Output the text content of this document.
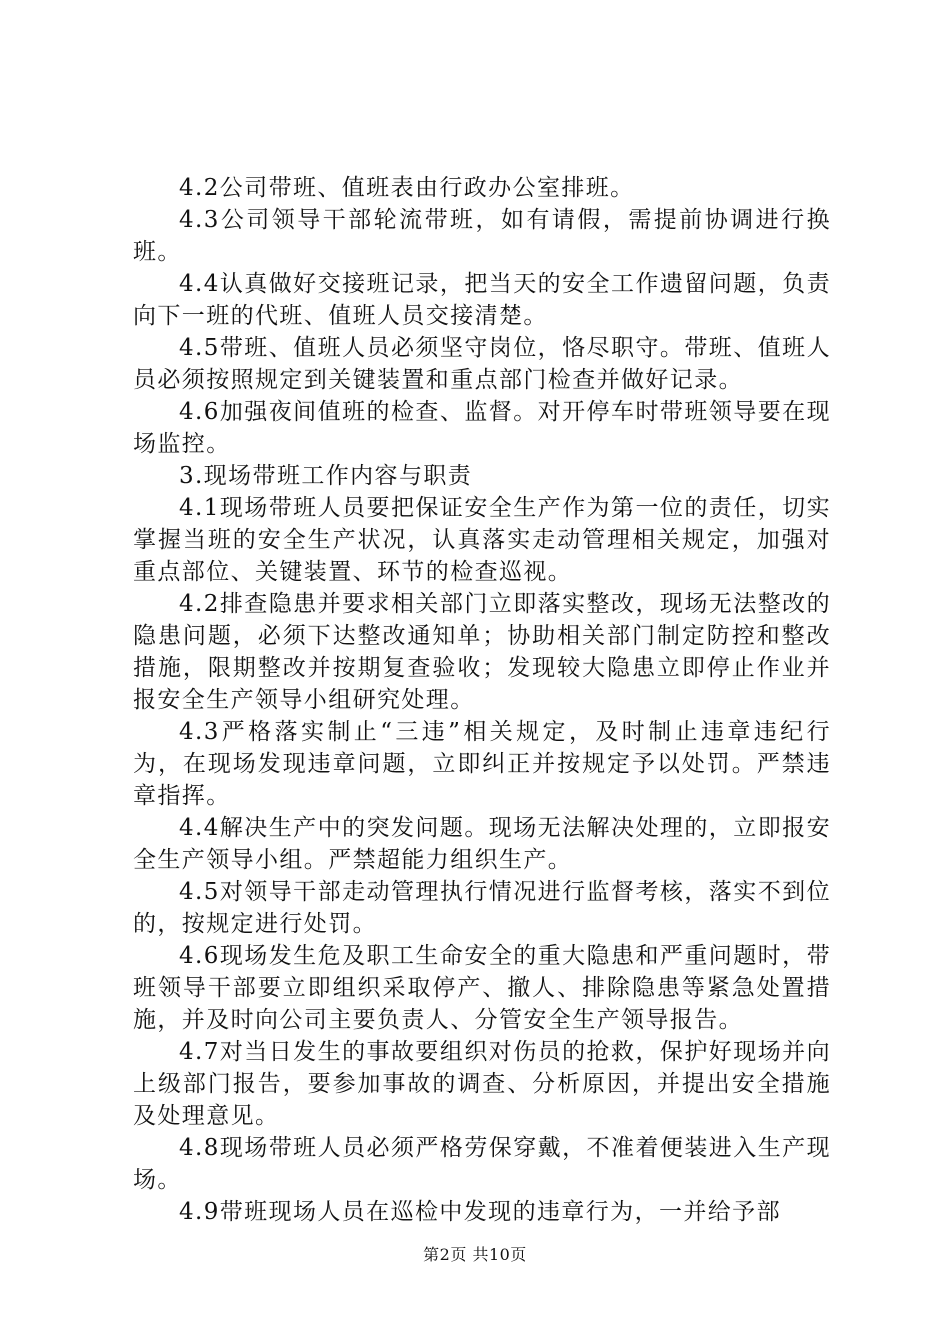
4.2公司带班、值班表由行政办公室排班。

4.3公司领导干部轮流带班，如有请假，需提前协调进行换班。

4.4认真做好交接班记录，把当天的安全工作遗留问题，负责向下一班的代班、值班人员交接清楚。

4.5带班、值班人员必须坚守岗位，恪尽职守。带班、值班人员必须按照规定到关键装置和重点部门检查并做好记录。

4.6加强夜间值班的检查、监督。对开停车时带班领导要在现场监控。

3.现场带班工作内容与职责

4.1现场带班人员要把保证安全生产作为第一位的责任，切实掌握当班的安全生产状况，认真落实走动管理相关规定，加强对重点部位、关键装置、环节的检查巡视。

4.2排查隐患并要求相关部门立即落实整改，现场无法整改的隐患问题，必须下达整改通知单；协助相关部门制定防控和整改措施，限期整改并按期复查验收；发现较大隐患立即停止作业并报安全生产领导小组研究处理。

4.3严格落实制止“三违”相关规定，及时制止违章违纪行为，在现场发现违章问题，立即纠正并按规定予以处罚。严禁违章指挥。

4.4解决生产中的突发问题。现场无法解决处理的，立即报安全生产领导小组。严禁超能力组织生产。

4.5对领导干部走动管理执行情况进行监督考核，落实不到位的，按规定进行处罚。

4.6现场发生危及职工生命安全的重大隐患和严重问题时，带班领导干部要立即组织采取停产、撤人、排除隐患等紧急处置措施，并及时向公司主要负责人、分管安全生产领导报告。

4.7对当日发生的事故要组织对伤员的抢救，保护好现场并向上级部门报告，要参加事故的调查、分析原因，并提出安全措施及处理意见。

4.8现场带班人员必须严格劳保穿戴，不准着便装进入生产现场。

4.9带班现场人员在巡检中发现的违章行为，一并给予部

第2页 共10页
